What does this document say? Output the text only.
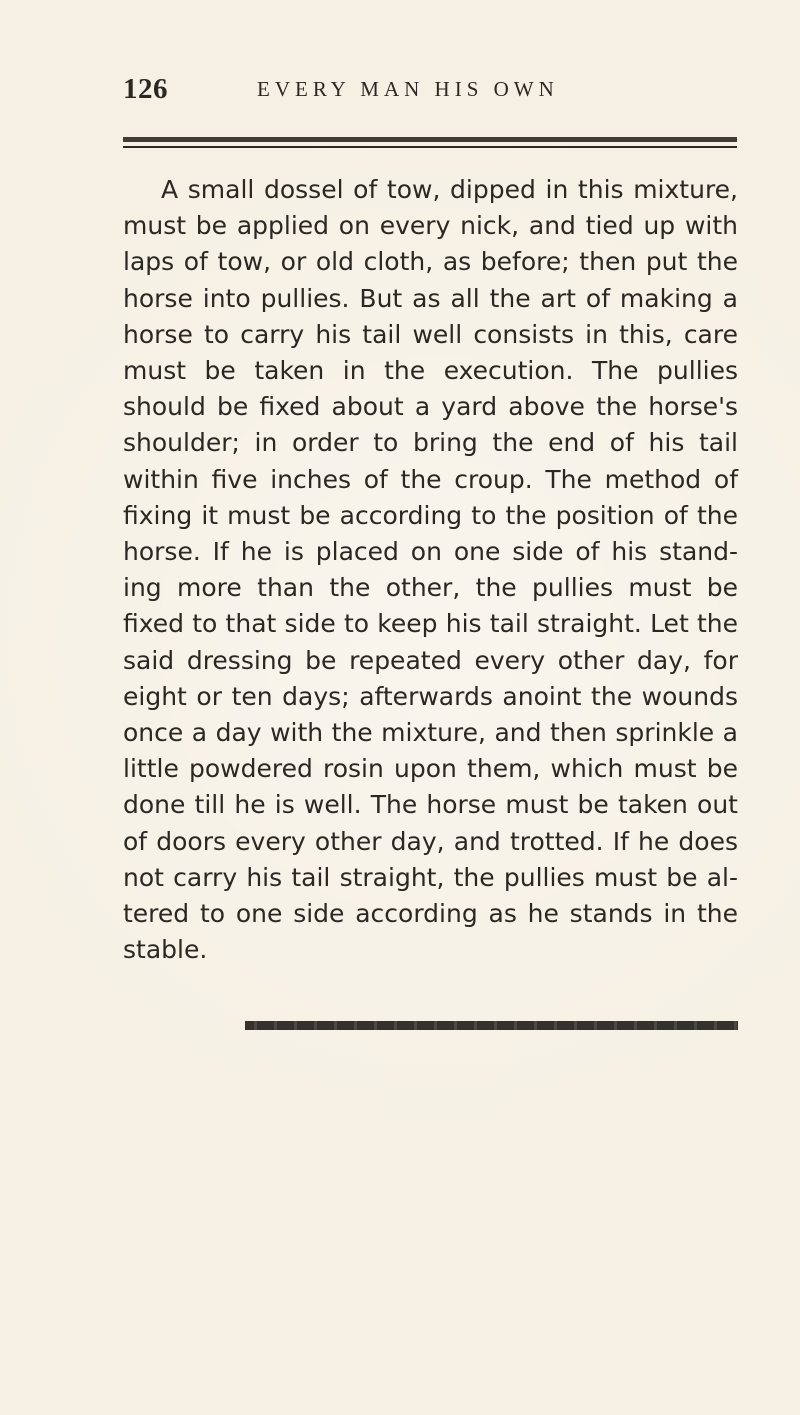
126	EVERY MAN HIS OWN

A small dossel of tow, dipped in this mixture, must be applied on every nick, and tied up with laps of tow, or old cloth, as before; then put the horse into pullies. But as all the art of making a horse to carry his tail well consists in this, care must be taken in the execution. The pullies should be fixed about a yard above the horse's shoulder; in order to bring the end of his tail within five inches of the croup. The method of fixing it must be according to the position of the horse. If he is placed on one side of his stand- ing more than the other, the pullies must be fixed to that side to keep his tail straight. Let the said dressing be repeated every other day, for eight or ten days; afterwards anoint the wounds once a day with the mixture, and then sprinkle a little powdered rosin upon them, which must be done till he is well. The horse must be taken out of doors every other day, and trotted. If he does not carry his tail straight, the pullies must be al- tered to one side according as he stands in the stable.
